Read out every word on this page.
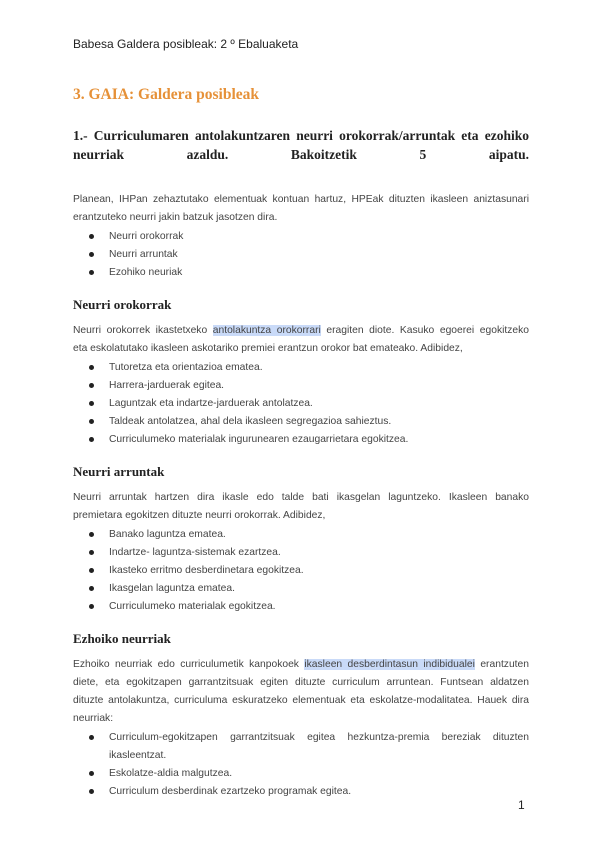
Babesa Galdera posibleak: 2 º Ebaluaketa
3. GAIA: Galdera posibleak
1.- Curriculumaren antolakuntzaren neurri orokorrak/arruntak eta ezohiko
neurriak azaldu. Bakoitzetik 5 aipatu.

Planean, IHPan zehaztutako elementuak kontuan hartuz, HPEak dituzten ikasleen aniztasunari
erantzuteko neurri jakin batzuk jasotzen dira.

Neurri orokorrak
Neurri arruntak
Ezohiko neuriak
Neurri orokorrak

Neurri orokorrek ikastetxeko antolakuntza orokorrari eragiten diote. Kasuko egoerei egokitzeko
eta eskolatutako ikasleen askotariko premiei erantzun orokor bat emateako. Adibidez,

Tutoretza eta orientazioa ematea.
Harrera-jarduerak egitea.
Laguntzak eta indartze-jarduerak antolatzea.
Taldeak antolatzea, ahal dela ikasleen segregazioa sahieztus.
Curriculumeko materialak ingurunearen ezaugarrietara egokitzea.
Neurri arruntak

Neurri arruntak hartzen dira ikasle edo talde bati ikasgelan laguntzeko. Ikasleen banako
premietara egokitzen dituzte neurri orokorrak. Adibidez,

Banako laguntza ematea.
Indartze- laguntza-sistemak ezartzea.
Ikasteko erritmo desberdinetara egokitzea.
Ikasgelan laguntza ematea.
Curriculumeko materialak egokitzea.
Ezhoiko neurriak

Ezhoiko neurriak edo curriculumetik kanpokoek ikasleen desberdintasun indibidualei erantzuten
diete, eta egokitzapen garrantzitsuak egiten dituzte curriculum arruntean. Funtsean aldatzen
dituzte antolakuntza, curriculuma eskuratzeko elementuak eta eskolatze-modalitatea. Hauek dira
neurriak:

Curriculum-egokitzapen garrantzitsuak egitea hezkuntza-premia bereziak dituzten
ikasleentzat.
Eskolatze-aldia malgutzea.
Curriculum desberdinak ezartzeko programak egitea.
1
